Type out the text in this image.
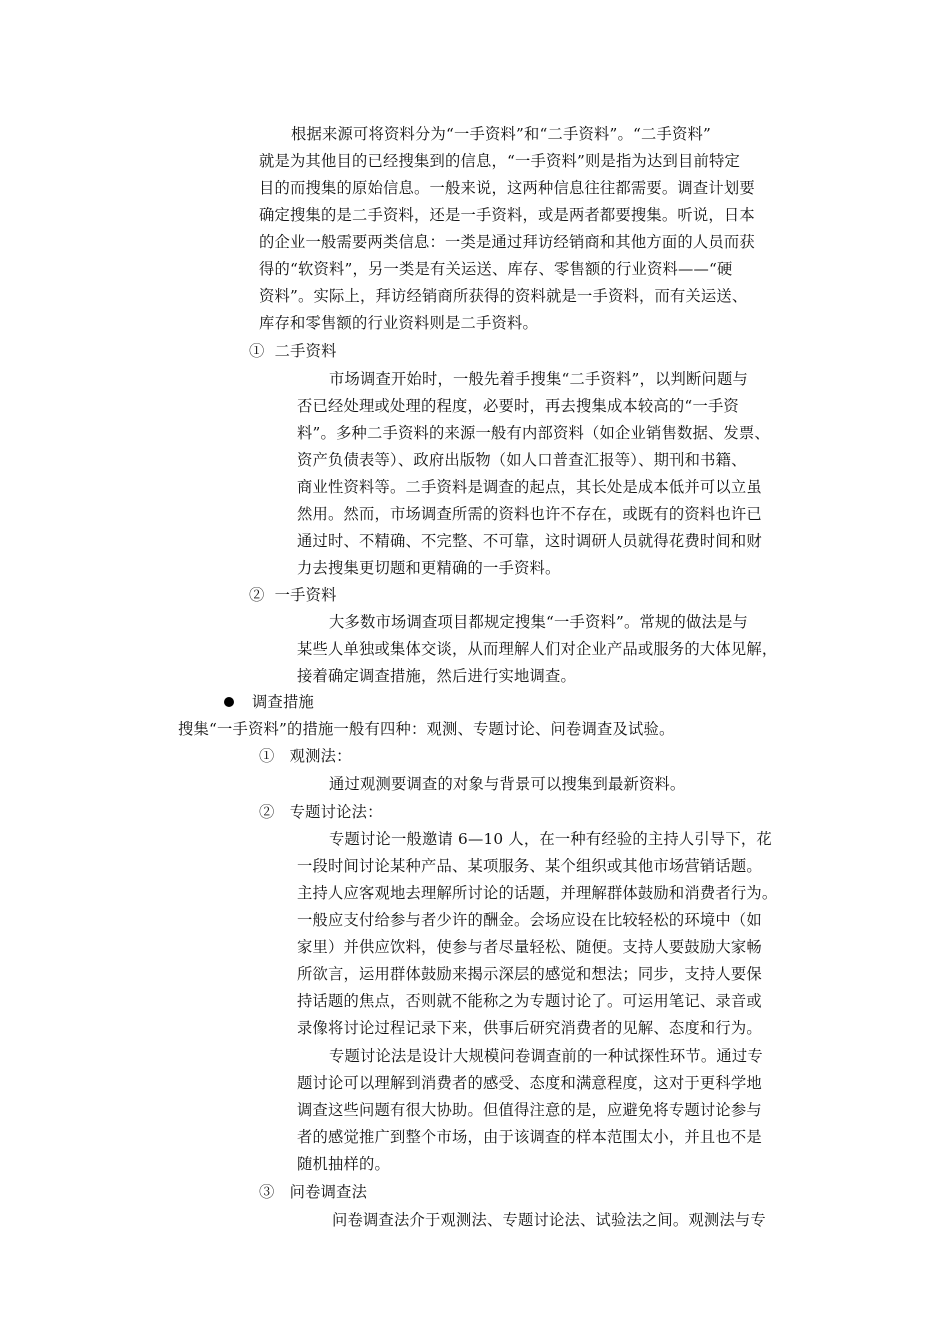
根据来源可将资料分为“一手资料”和“二手资料”。“二手资料”
就是为其他目的已经搜集到的信息，“一手资料”则是指为达到目前特定
目的而搜集的原始信息。一般来说，这两种信息往往都需要。调查计划要
确定搜集的是二手资料，还是一手资料，或是两者都要搜集。听说，日本
的企业一般需要两类信息：一类是通过拜访经销商和其他方面的人员而获
得的“软资料”，另一类是有关运送、库存、零售额的行业资料——“硬
资料”。实际上，拜访经销商所获得的资料就是一手资料，而有关运送、
库存和零售额的行业资料则是二手资料。
①  二手资料
市场调查开始时，一般先着手搜集“二手资料”，以判断问题与
否已经处理或处理的程度，必要时，再去搜集成本较高的“一手资
料”。多种二手资料的来源一般有内部资料（如企业销售数据、发票、
资产负债表等）、政府出版物（如人口普查汇报等）、期刊和书籍、
商业性资料等。二手资料是调查的起点，其长处是成本低并可以立虽
然用。然而，市场调查所需的资料也许不存在，或既有的资料也许已
通过时、不精确、不完整、不可靠，这时调研人员就得花费时间和财
力去搜集更切题和更精确的一手资料。
②  一手资料
大多数市场调查项目都规定搜集“一手资料”。常规的做法是与
某些人单独或集体交谈，从而理解人们对企业产品或服务的大体见解，
接着确定调查措施，然后进行实地调查。
调查措施
搜集“一手资料”的措施一般有四种：观测、专题讨论、问卷调查及试验。
①   观测法：
通过观测要调查的对象与背景可以搜集到最新资料。
②   专题讨论法：
专题讨论一般邀请 6—10 人，在一种有经验的主持人引导下，花
一段时间讨论某种产品、某项服务、某个组织或其他市场营销话题。
主持人应客观地去理解所讨论的话题，并理解群体鼓励和消费者行为。
一般应支付给参与者少许的酬金。会场应设在比较轻松的环境中（如
家里）并供应饮料，使参与者尽量轻松、随便。支持人要鼓励大家畅
所欲言，运用群体鼓励来揭示深层的感觉和想法；同步，支持人要保
持话题的焦点，否则就不能称之为专题讨论了。可运用笔记、录音或
录像将讨论过程记录下来，供事后研究消费者的见解、态度和行为。
专题讨论法是设计大规模问卷调查前的一种试探性环节。通过专
题讨论可以理解到消费者的感受、态度和满意程度，这对于更科学地
调查这些问题有很大协助。但值得注意的是，应避免将专题讨论参与
者的感觉推广到整个市场，由于该调查的样本范围太小，并且也不是
随机抽样的。
③   问卷调查法
问卷调查法介于观测法、专题讨论法、试验法之间。观测法与专
